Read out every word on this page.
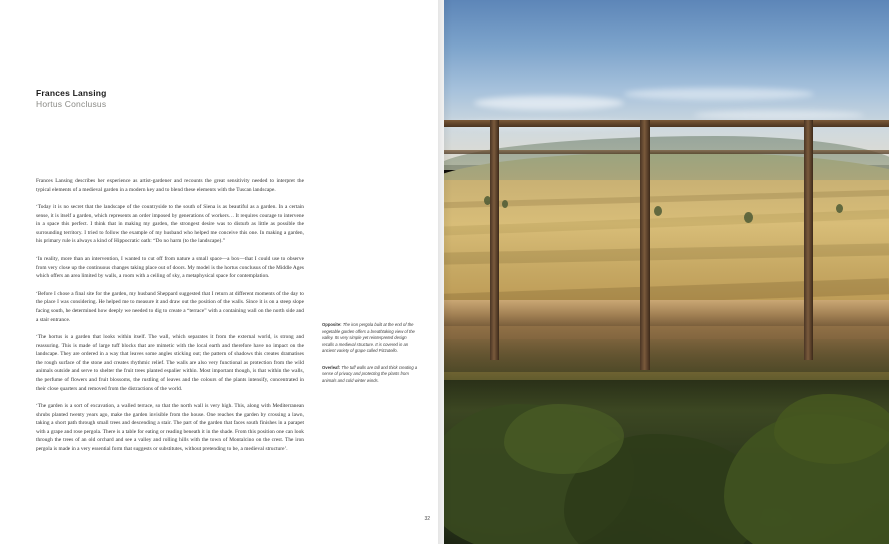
Frances Lansing
Hortus Conclusus

Frances Lansing describes her experience as artist-gardener and recounts the great sensitivity needed to interpret the typical elements of a medieval garden in a modern key and to blend these elements with the Tuscan landscape.

‘Today it is no secret that the landscape of the countryside to the south of Siena is as beautiful as a garden. In a certain sense, it is itself a garden, which represents an order imposed by generations of workers… It requires courage to intervene in a space this perfect. I think that in making my garden, the strongest desire was to disturb as little as possible the surrounding territory. I tried to follow the example of my husband who helped me conceive this one. In making a garden, his primary rule is always a kind of Hippocratic oath: “Do no harm (to the landscape).”

‘In reality, more than an intervention, I wanted to cut off from nature a small space—a box—that I could use to observe from very close up the continuous changes taking place out of doors. My model is the hortus conclusus of the Middle Ages which offers an area limited by walls, a room with a ceiling of sky, a metaphysical space for contemplation.

‘Before I chose a final site for the garden, my husband Sheppard suggested that I return at different moments of the day to the place I was considering. He helped me to measure it and draw out the position of the walls. Since it is on a steep slope facing south, he determined how deeply we needed to dig to create a “terrace” with a containing wall on the north side and a stair entrance.

‘The hortus is a garden that looks within itself. The wall, which separates it from the external world, is strong and reassuring. This is made of large tuff blocks that are mimetic with the local earth and therefore have no impact on the landscape. They are ordered in a way that leaves some angles sticking out; the pattern of shadows this creates dramatises the rough surface of the stone and creates rhythmic relief. The walls are also very functional as protection from the wild animals outside and serve to shelter the fruit trees planted espalier within. Most important though, is that within the walls, the perfume of flowers and fruit blossoms, the rustling of leaves and the colours of the plants intensify, concentrated in their close quarters and removed from the distractions of the world.

‘The garden is a sort of excavation, a walled terrace, so that the north wall is very high. This, along with Mediterranean shrubs planted twenty years ago, make the garden invisible from the house. One reaches the garden by crossing a lawn, taking a short path through small trees and descending a stair. The part of the garden that faces south finishes in a parapet with a grape and rose pergola. There is a table for eating or reading beneath it in the shade. From this position one can look through the trees of an old orchard and see a valley and rolling hills with the town of Montalcino on the crest. The iron pergola is made in a very essential form that suggests or substitutes, without pretending to be, a medieval structure’.

Opposite: The iron pergola built at the end of the vegetable garden offers a breathtaking view of the valley. Its very simple yet reinterpreted design recalls a medieval structure. It is covered in an ancient variety of grape called Pizzutello.

Overleaf: The tuff walls are tall and thick creating a sense of privacy and protecting the plants from animals and cold winter winds.

32
